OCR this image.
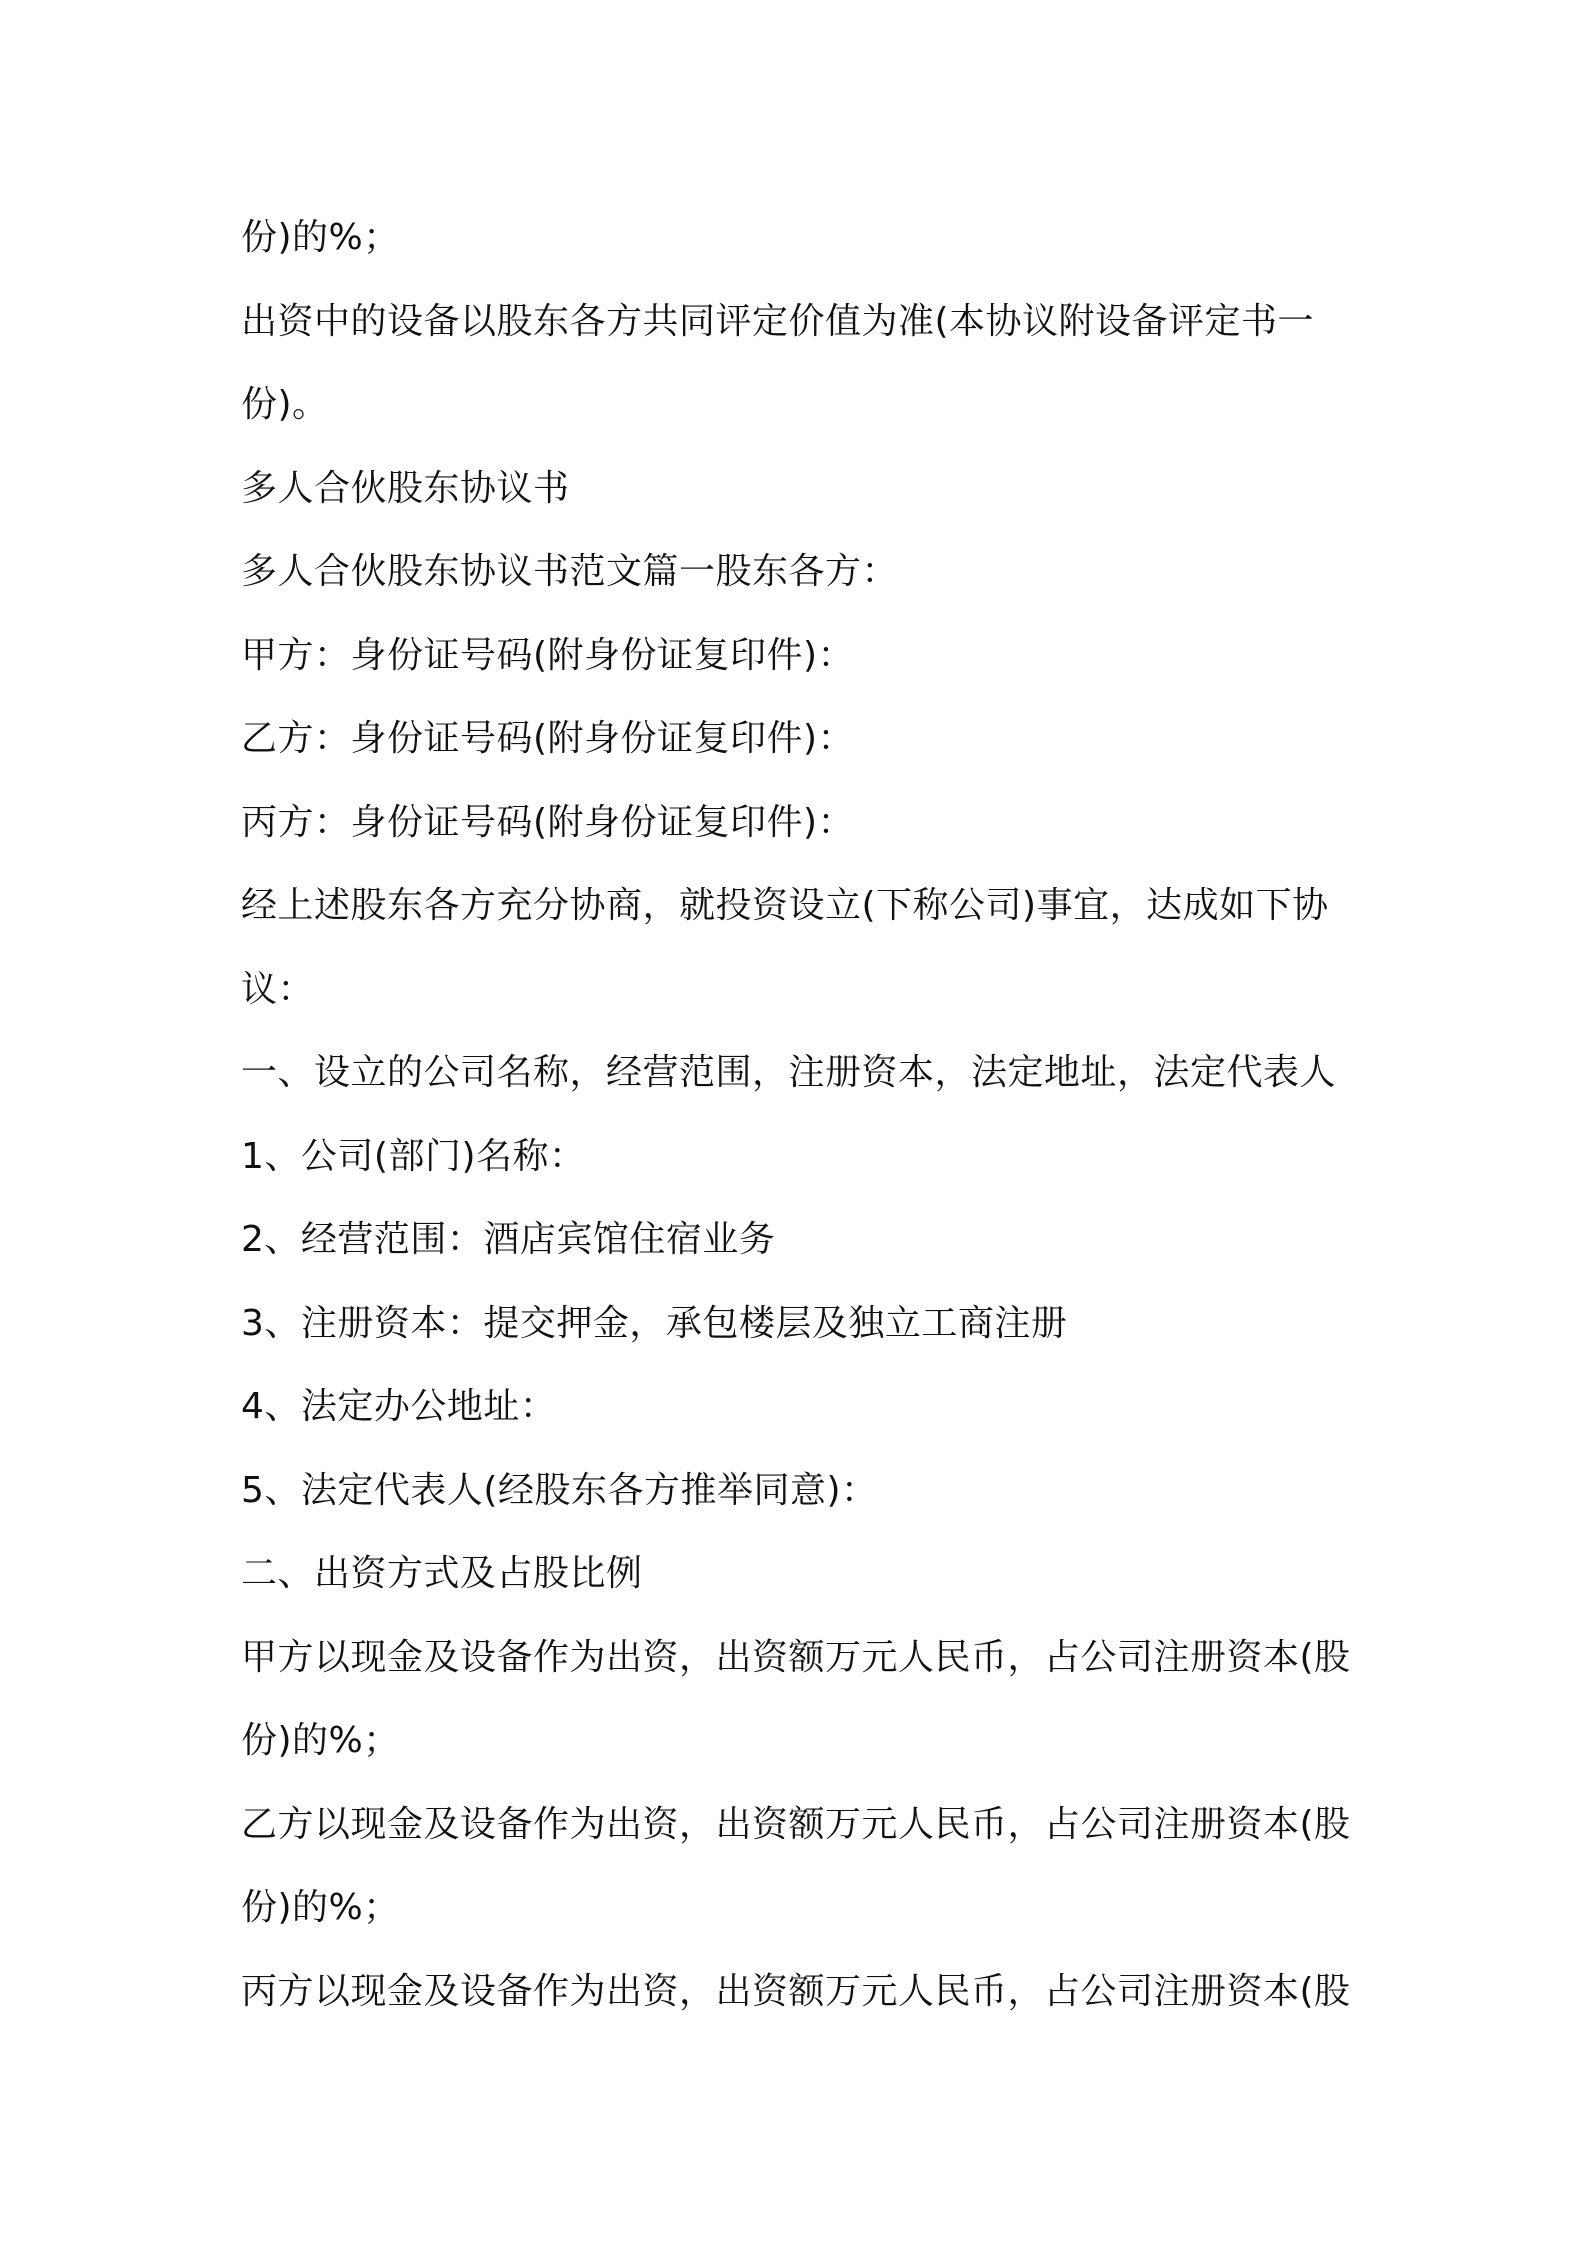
份)的%；
出资中的设备以股东各方共同评定价值为准(本协议附设备评定书一
份)。
多人合伙股东协议书
多人合伙股东协议书范文篇一股东各方：
甲方：身份证号码(附身份证复印件)：
乙方：身份证号码(附身份证复印件)：
丙方：身份证号码(附身份证复印件)：
经上述股东各方充分协商，就投资设立(下称公司)事宜，达成如下协
议：
一、设立的公司名称，经营范围，注册资本，法定地址，法定代表人
1、公司(部门)名称：
2、经营范围：酒店宾馆住宿业务
3、注册资本：提交押金，承包楼层及独立工商注册
4、法定办公地址：
5、法定代表人(经股东各方推举同意)：
二、出资方式及占股比例
甲方以现金及设备作为出资，出资额万元人民币，占公司注册资本(股
份)的%；
乙方以现金及设备作为出资，出资额万元人民币，占公司注册资本(股
份)的%；
丙方以现金及设备作为出资，出资额万元人民币，占公司注册资本(股
